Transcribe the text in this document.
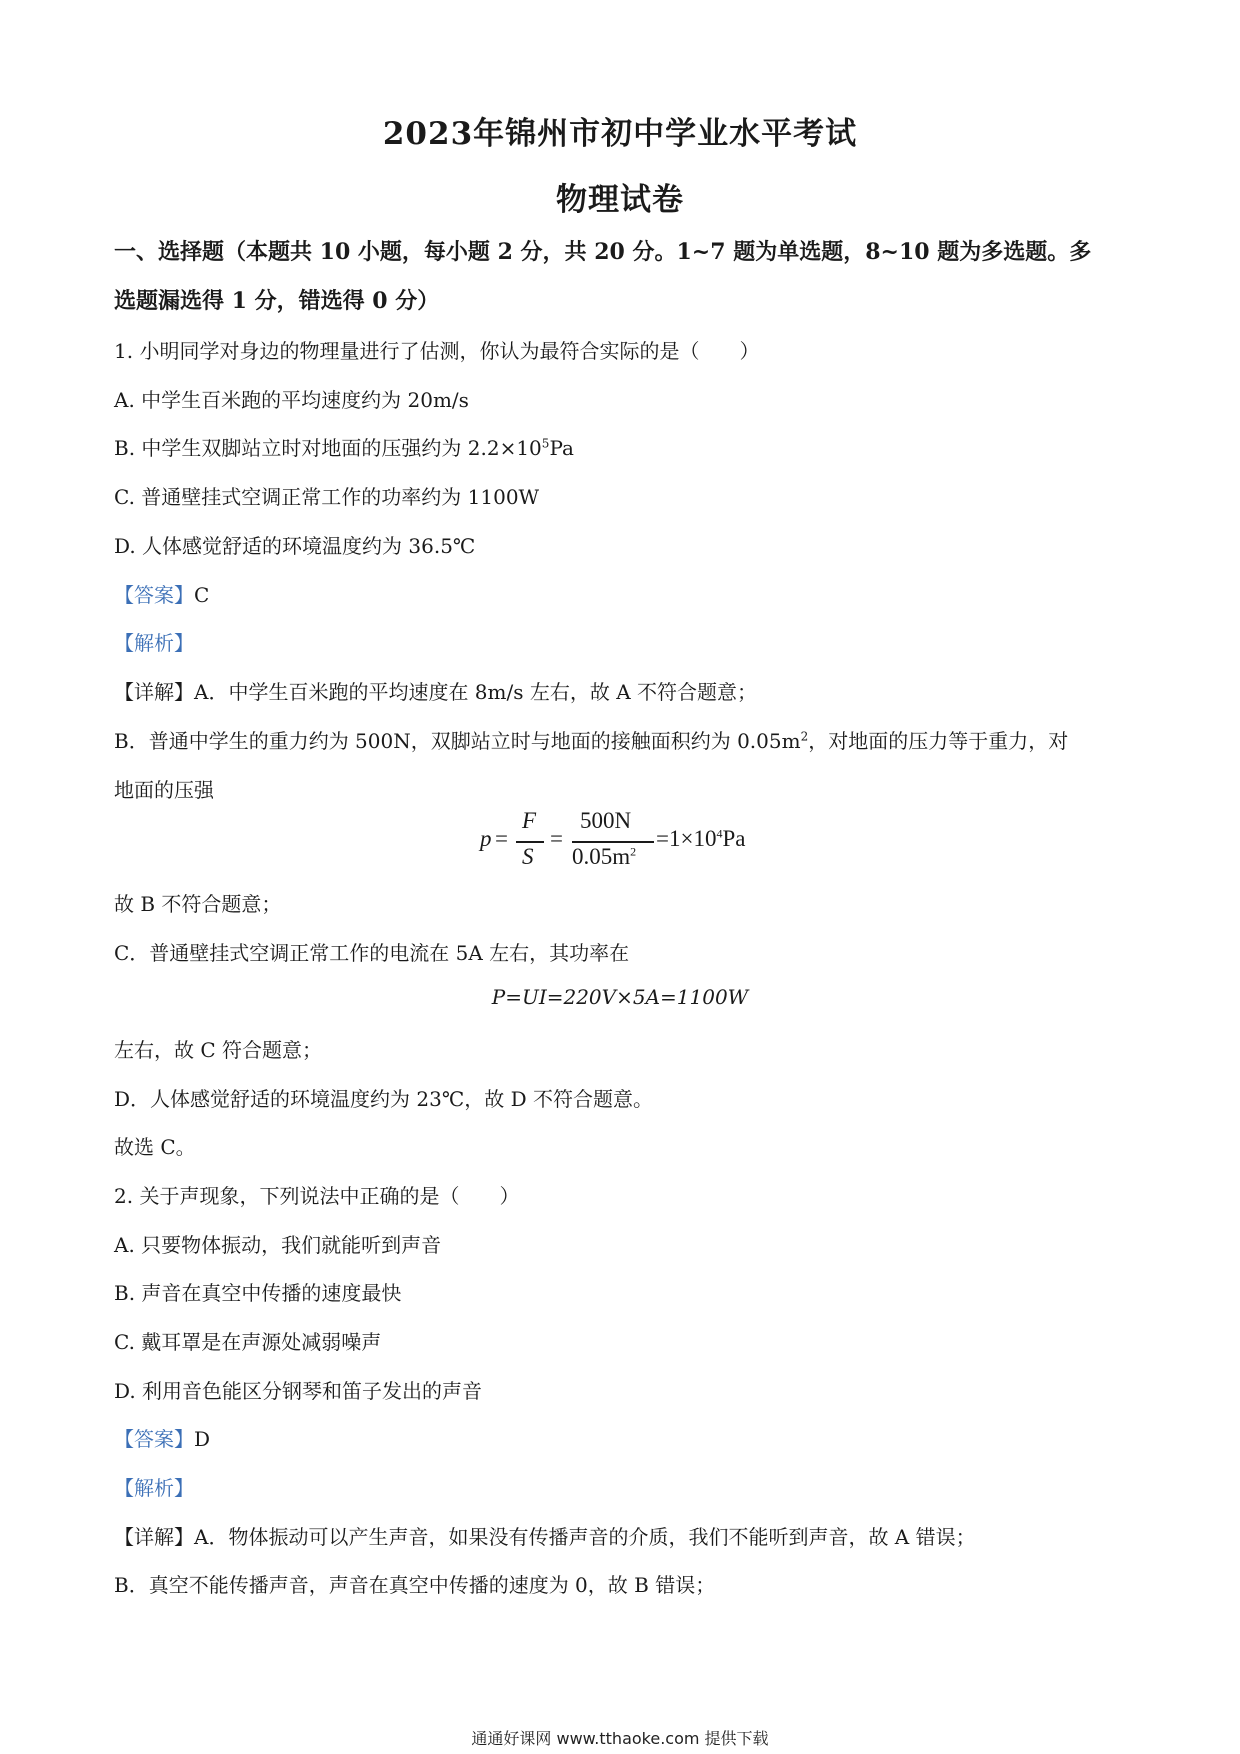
2023年锦州市初中学业水平考试
物理试卷
一、选择题（本题共 10 小题，每小题 2 分，共 20 分。1~7 题为单选题，8~10 题为多选题。多
选题漏选得 1 分，错选得 0 分）
1. 小明同学对身边的物理量进行了估测，你认为最符合实际的是（　　）
A. 中学生百米跑的平均速度约为 20m/s
B. 中学生双脚站立时对地面的压强约为 $2.2\times 10^5Pa$
C. 普通壁挂式空调正常工作的功率约为 1100W
D. 人体感觉舒适的环境温度约为 36.5℃
【答案】C
【解析】
【详解】A．中学生百米跑的平均速度在 8m/s 左右，故 A 不符合题意；
B．普通中学生的重力约为 500N，双脚站立时与地面的接触面积约为 $0.05m^2$，对地面的压力等于重力，对
地面的压强
p =
F
S
=
500N
$0.05m^2$
$=1\times 10^4Pa$
故 B 不符合题意；
C．普通壁挂式空调正常工作的电流在 5A 左右，其功率在
P=UI=220V×5A=1100W
左右，故 C 符合题意；
D．人体感觉舒适的环境温度约为 23℃，故 D 不符合题意。
故选 C。
2. 关于声现象，下列说法中正确的是（　　）
A. 只要物体振动，我们就能听到声音
B. 声音在真空中传播的速度最快
C. 戴耳罩是在声源处减弱噪声
D. 利用音色能区分钢琴和笛子发出的声音
【答案】D
【解析】
【详解】A．物体振动可以产生声音，如果没有传播声音的介质，我们不能听到声音，故 A 错误；
B．真空不能传播声音，声音在真空中传播的速度为 0，故 B 错误；
通通好课网 www.tthaoke.com 提供下载
